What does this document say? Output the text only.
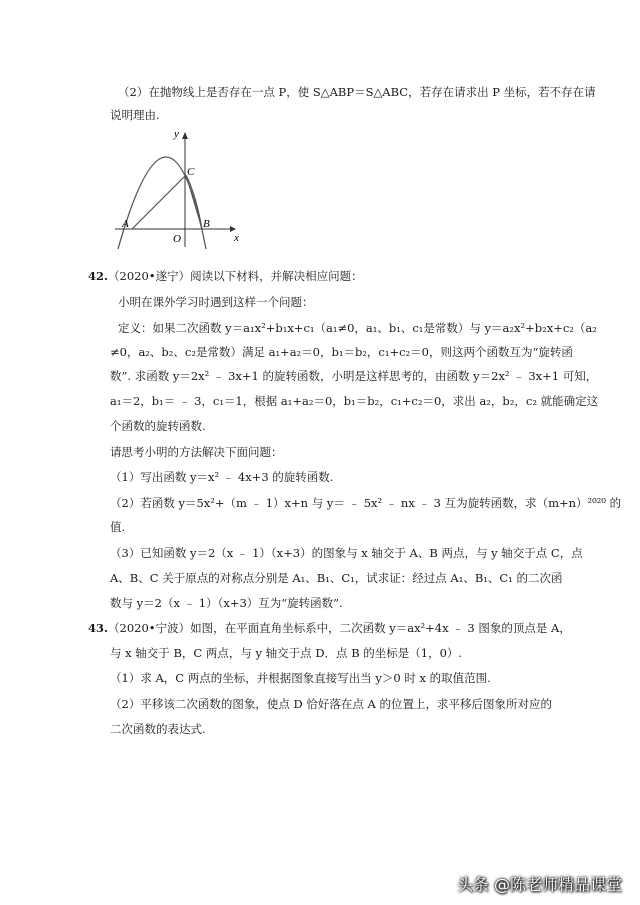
（2）在抛物线上是否存在一点 P，使 S△ABP＝S△ABC，若存在请求出 P 坐标，若不存在请
说明理由.
y
x
C
A
O
B
42.（2020•遂宁）阅读以下材料，并解决相应问题：
小明在课外学习时遇到这样一个问题：
定义：如果二次函数 y＝a₁x²+b₁x+c₁（a₁≠0，a₁、b₁、c₁是常数）与 y＝a₂x²+b₂x+c₂（a₂
≠0，a₂、b₂、c₂是常数）满足 a₁+a₂＝0，b₁＝b₂，c₁+c₂＝0，则这两个函数互为“旋转函
数”. 求函数 y＝2x² ﹣ 3x+1 的旋转函数，小明是这样思考的，由函数 y＝2x² ﹣ 3x+1 可知，
a₁＝2，b₁＝ ﹣ 3，c₁＝1，根据 a₁+a₂＝0，b₁＝b₂，c₁+c₂＝0，求出 a₂，b₂，c₂ 就能确定这
个函数的旋转函数.
请思考小明的方法解决下面问题：
（1）写出函数 y＝x² ﹣ 4x+3 的旋转函数.
（2）若函数 y＝5x²+（m ﹣ 1）x+n 与 y＝ ﹣ 5x² ﹣ nx ﹣ 3 互为旋转函数，求（m+n）²⁰²⁰ 的
值.
（3）已知函数 y＝2（x ﹣ 1）（x+3）的图象与 x 轴交于 A、B 两点，与 y 轴交于点 C，点
A、B、C 关于原点的对称点分别是 A₁、B₁、C₁，试求证：经过点 A₁、B₁、C₁ 的二次函
数与 y＝2（x ﹣ 1）（x+3）互为“旋转函数”.
43.（2020•宁波）如图，在平面直角坐标系中，二次函数 y＝ax²+4x ﹣ 3 图象的顶点是 A，
与 x 轴交于 B，C 两点，与 y 轴交于点 D．点 B 的坐标是（1，0）.
（1）求 A，C 两点的坐标，并根据图象直接写出当 y＞0 时 x 的取值范围.
（2）平移该二次函数的图象，使点 D 恰好落在点 A 的位置上，求平移后图象所对应的
二次函数的表达式.
头条 @陈老师精品课堂
